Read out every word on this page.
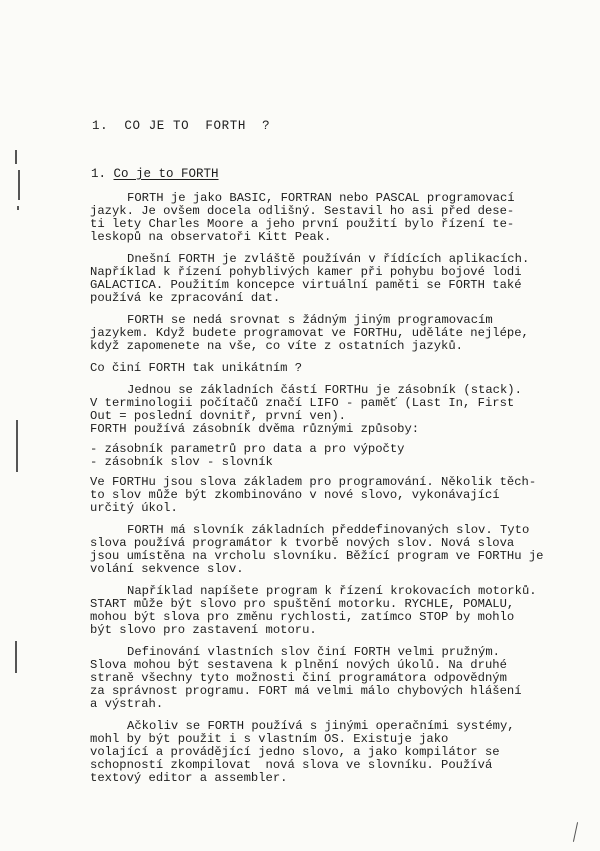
1.  CO JE TO  FORTH  ?
1. Co je to FORTH
FORTH je jako BASIC, FORTRAN nebo PASCAL programovací
jazyk. Je ovšem docela odlišný. Sestavil ho asi před dese-
ti lety Charles Moore a jeho první použití bylo řízení te-
leskopů na observatoři Kitt Peak.
Dnešní FORTH je zvláště používán v řídících aplikacích.
Například k řízení pohyblivých kamer při pohybu bojové lodi
GALACTICA. Použitím koncepce virtuální paměti se FORTH také
používá ke zpracování dat.
FORTH se nedá srovnat s žádným jiným programovacím
jazykem. Když budete programovat ve FORTHu, uděláte nejlépe,
když zapomenete na vše, co víte z ostatních jazyků.
Co činí FORTH tak unikátním ?
Jednou se základních částí FORTHu je zásobník (stack).
V terminologii počítačů značí LIFO - paměť (Last In, First
Out = poslední dovnitř, první ven).
FORTH používá zásobník dvěma různými způsoby:
- zásobník parametrů pro data a pro výpočty
- zásobník slov - slovník
Ve FORTHu jsou slova základem pro programování. Několik těch-
to slov může být zkombinováno v nové slovo, vykonávající
určitý úkol.
FORTH má slovník základních předdefinovaných slov. Tyto
slova používá programátor k tvorbě nových slov. Nová slova
jsou umístěna na vrcholu slovníku. Běžící program ve FORTHu je
volání sekvence slov.
Například napíšete program k řízení krokovacích motorků.
START může být slovo pro spuštění motorku. RYCHLE, POMALU,
mohou být slova pro změnu rychlosti, zatímco STOP by mohlo
být slovo pro zastavení motoru.
Definování vlastních slov činí FORTH velmi pružným.
Slova mohou být sestavena k plnění nových úkolů. Na druhé
straně všechny tyto možnosti činí programátora odpovědným
za správnost programu. FORT má velmi málo chybových hlášení
a výstrah.
Ačkoliv se FORTH používá s jinými operačními systémy,
mohl by být použit i s vlastním OS. Existuje jako
volající a provádějící jedno slovo, a jako kompilátor se
schopností zkompilovat  nová slova ve slovníku. Používá
textový editor a assembler.
